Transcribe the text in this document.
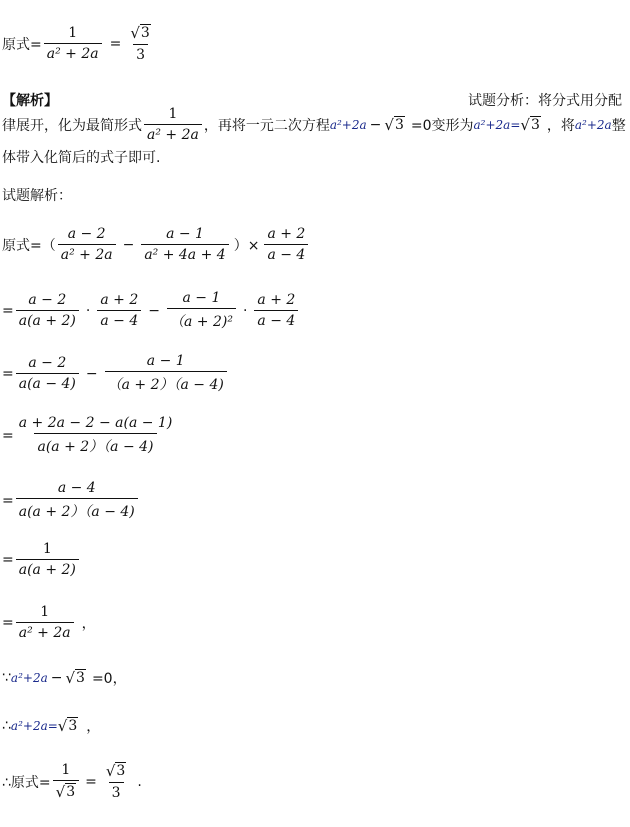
原式= $\frac{1}{\text{a² + 2a}} = \frac{√ 3}{3}$
【解析】	试题分析：将分式用分配
律展开，化为最简形式 $\frac{1}{\text{a² + 2a}}$ ，再将一元二次方程 a²+2a − √ 3 =0变形为 a²+2a= √ 3 ，将 a²+2a 整
体带入化简后的式子即可.
试题解析：
原式=（ $\frac{a - 2}{\text{a² + 2a}} - \frac{a - 1}{\text{a² + 4a + 4}}$ ）× $\frac{a + 2}{a - 4}$
= $\frac{a - 2}{a(a + 2)} \cdot \frac{a + 2}{a - 4} - \frac{a - 1}{\text{（a + 2)²}} \cdot \frac{a + 2}{a - 4}$
= $\frac{a - 2}{a(a - 4)} - \frac{a - 1}{(a + 2)(a - 4)}$
= $\frac{a + 2a - 2 - a(a - 1)}{a(a + 2)(a - 4)}$
= $\frac{a - 4}{a(a + 2)(a - 4)}$
= $\frac{1}{a(a + 2)}$
= $\frac{1}{\text{a² + 2a}}$ ，
∵ a²+2a − √ 3 =0，
∴ a²+2a= √ 3 ，
∴原式= $\frac{1}{√ 3} = \frac{√ 3}{3}$ .
